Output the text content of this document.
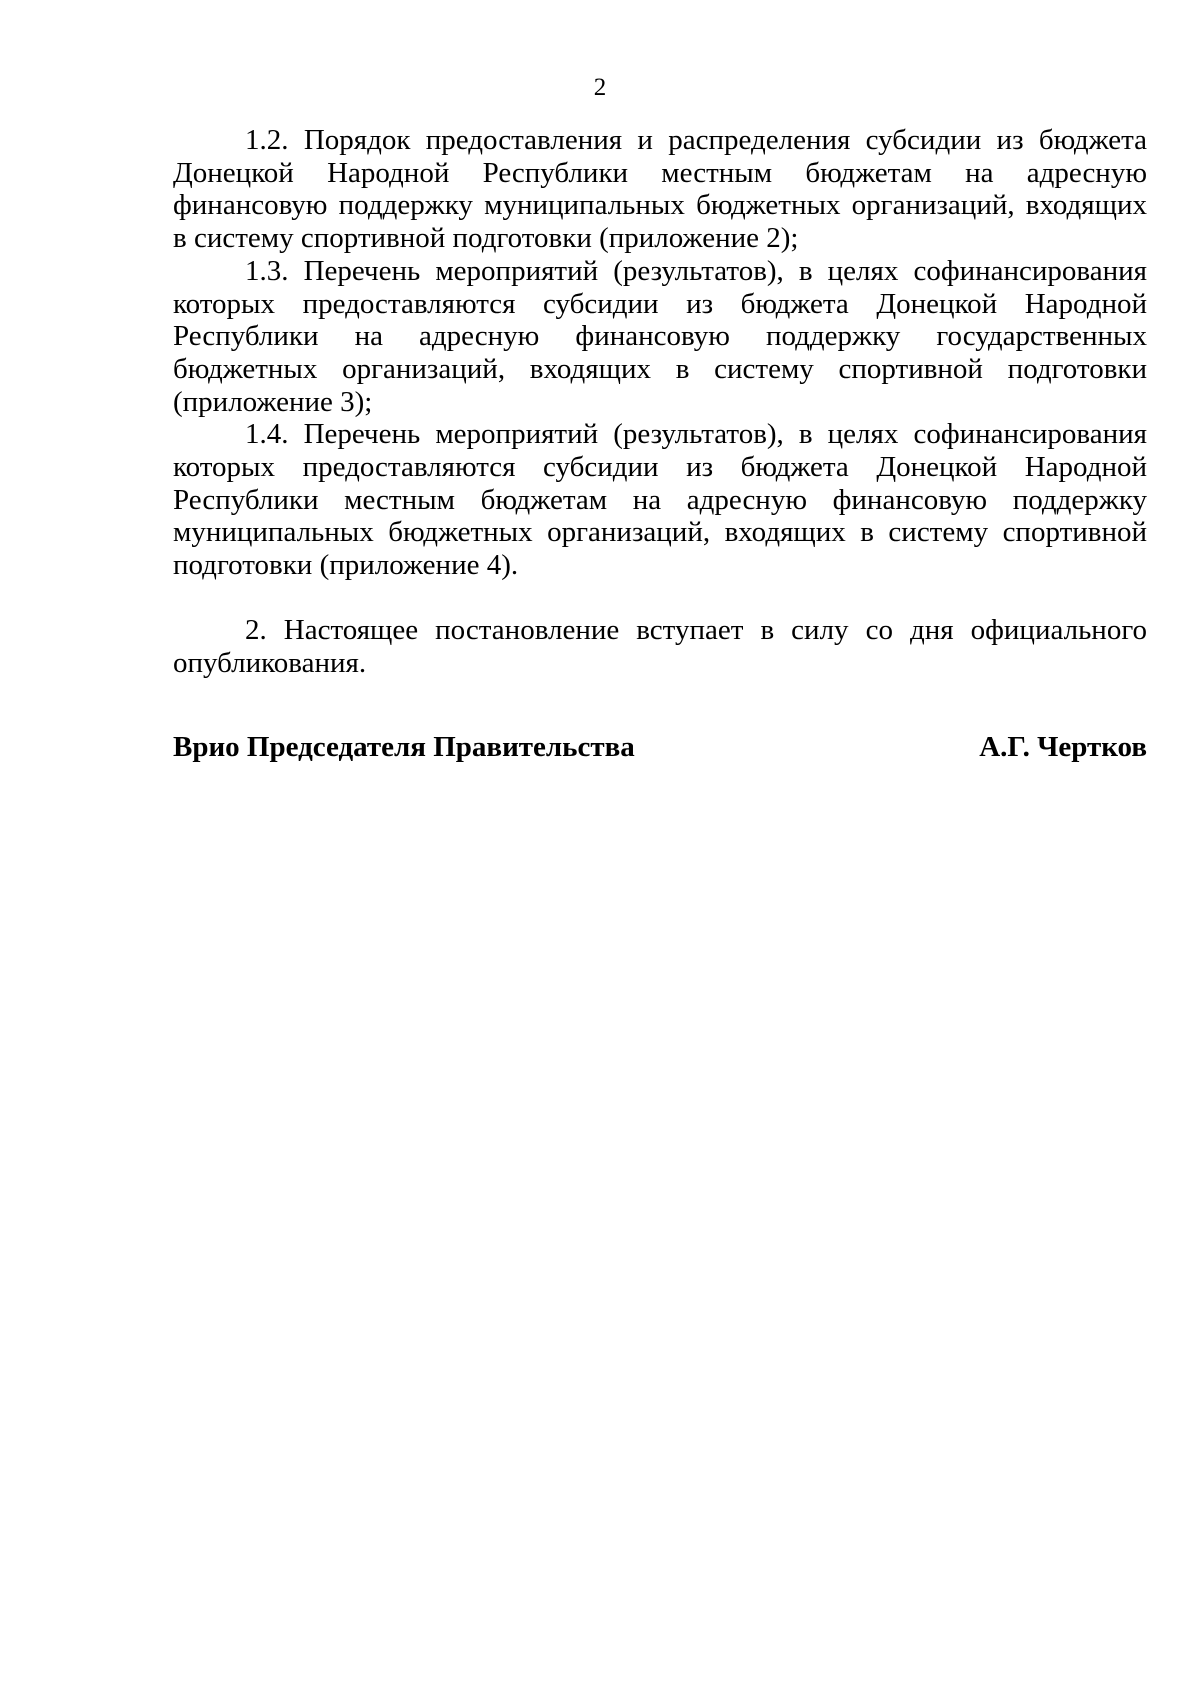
2

1.2. Порядок предоставления и распределения субсидии из бюджета Донецкой Народной Республики местным бюджетам на адресную финансовую поддержку муниципальных бюджетных организаций, входящих в систему спортивной подготовки (приложение 2);

1.3. Перечень мероприятий (результатов), в целях софинансирования которых предоставляются субсидии из бюджета Донецкой Народной Республики на адресную финансовую поддержку государственных бюджетных организаций, входящих в систему спортивной подготовки (приложение 3);

1.4. Перечень мероприятий (результатов), в целях софинансирования которых предоставляются субсидии из бюджета Донецкой Народной Республики местным бюджетам на адресную финансовую поддержку муниципальных бюджетных организаций, входящих в систему спортивной подготовки (приложение 4).

2. Настоящее постановление вступает в силу со дня официального опубликования.

Врио Председателя Правительства	А.Г. Чертков
